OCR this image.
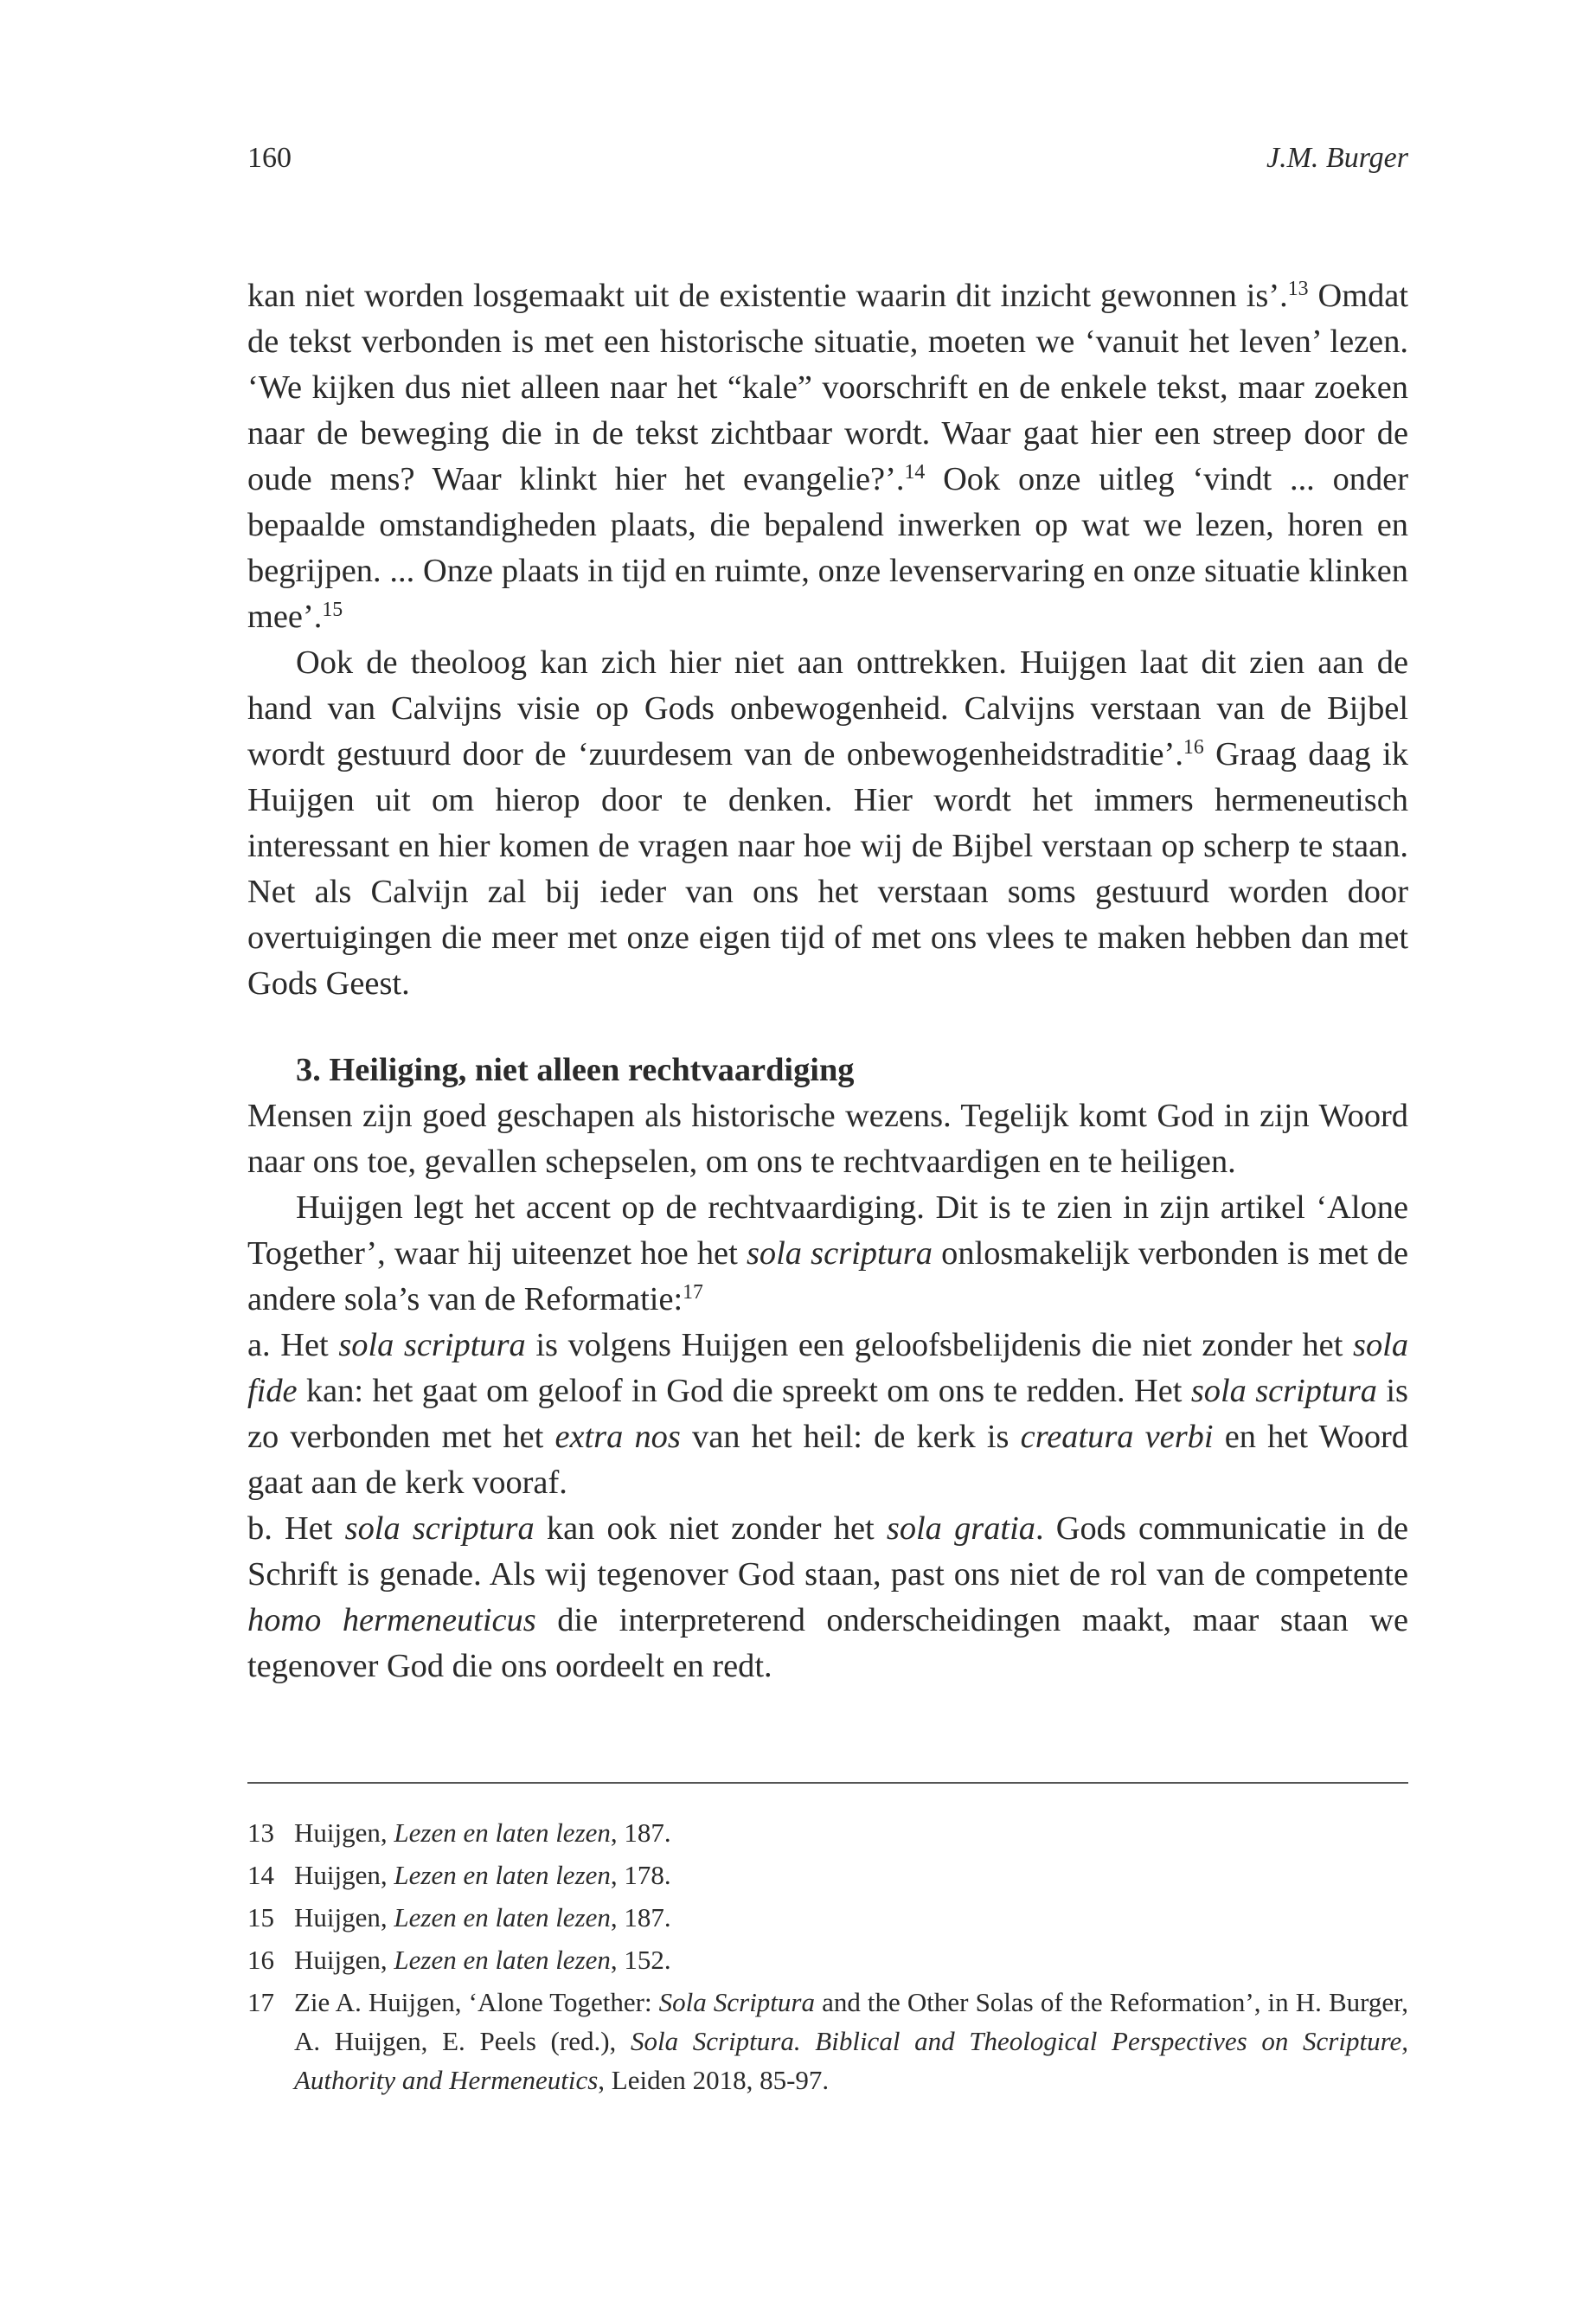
160	J.M. Burger

kan niet worden losgemaakt uit de existentie waarin dit inzicht gewonnen is’.$^{13}$ Omdat de tekst verbonden is met een historische situatie, moeten we ‘vanuit het leven’ lezen. ‘We kijken dus niet alleen naar het “kale” voorschrift en de enkele tekst, maar zoeken naar de beweging die in de tekst zichtbaar wordt. Waar gaat hier een streep door de oude mens? Waar klinkt hier het evangelie?’.$^{14}$ Ook onze uitleg ‘vindt ... onder bepaalde omstandigheden plaats, die bepalend inwerken op wat we lezen, horen en begrijpen. ... Onze plaats in tijd en ruimte, onze levenservaring en onze situatie klinken mee’.$^{15}$

Ook de theoloog kan zich hier niet aan onttrekken. Huijgen laat dit zien aan de hand van Calvijns visie op Gods onbewogenheid. Calvijns verstaan van de Bijbel wordt gestuurd door de ‘zuurdesem van de onbewogenheidstraditie’.$^{16}$ Graag daag ik Huijgen uit om hierop door te denken. Hier wordt het immers hermeneutisch interessant en hier komen de vragen naar hoe wij de Bijbel verstaan op scherp te staan. Net als Calvijn zal bij ieder van ons het verstaan soms gestuurd worden door overtuigingen die meer met onze eigen tijd of met ons vlees te maken hebben dan met Gods Geest.

3. Heiliging, niet alleen rechtvaardiging

Mensen zijn goed geschapen als historische wezens. Tegelijk komt God in zijn Woord naar ons toe, gevallen schepselen, om ons te rechtvaardigen en te heiligen.

Huijgen legt het accent op de rechtvaardiging. Dit is te zien in zijn artikel ‘Alone Together’, waar hij uiteenzet hoe het sola scriptura onlosmakelijk verbonden is met de andere sola’s van de Reformatie:$^{17}$

a. Het sola scriptura is volgens Huijgen een geloofsbelijdenis die niet zonder het sola fide kan: het gaat om geloof in God die spreekt om ons te redden. Het sola scriptura is zo verbonden met het extra nos van het heil: de kerk is creatura verbi en het Woord gaat aan de kerk vooraf.

b. Het sola scriptura kan ook niet zonder het sola gratia. Gods communicatie in de Schrift is genade. Als wij tegenover God staan, past ons niet de rol van de competente homo hermeneuticus die interpreterend onderscheidingen maakt, maar staan we tegenover God die ons oordeelt en redt.

13 Huijgen, Lezen en laten lezen, 187.
14 Huijgen, Lezen en laten lezen, 178.
15 Huijgen, Lezen en laten lezen, 187.
16 Huijgen, Lezen en laten lezen, 152.
17 Zie A. Huijgen, ‘Alone Together: Sola Scriptura and the Other Solas of the Reformation’, in H. Burger, A. Huijgen, E. Peels (red.), Sola Scriptura. Biblical and Theological Perspectives on Scripture, Authority and Hermeneutics, Leiden 2018, 85-97.
